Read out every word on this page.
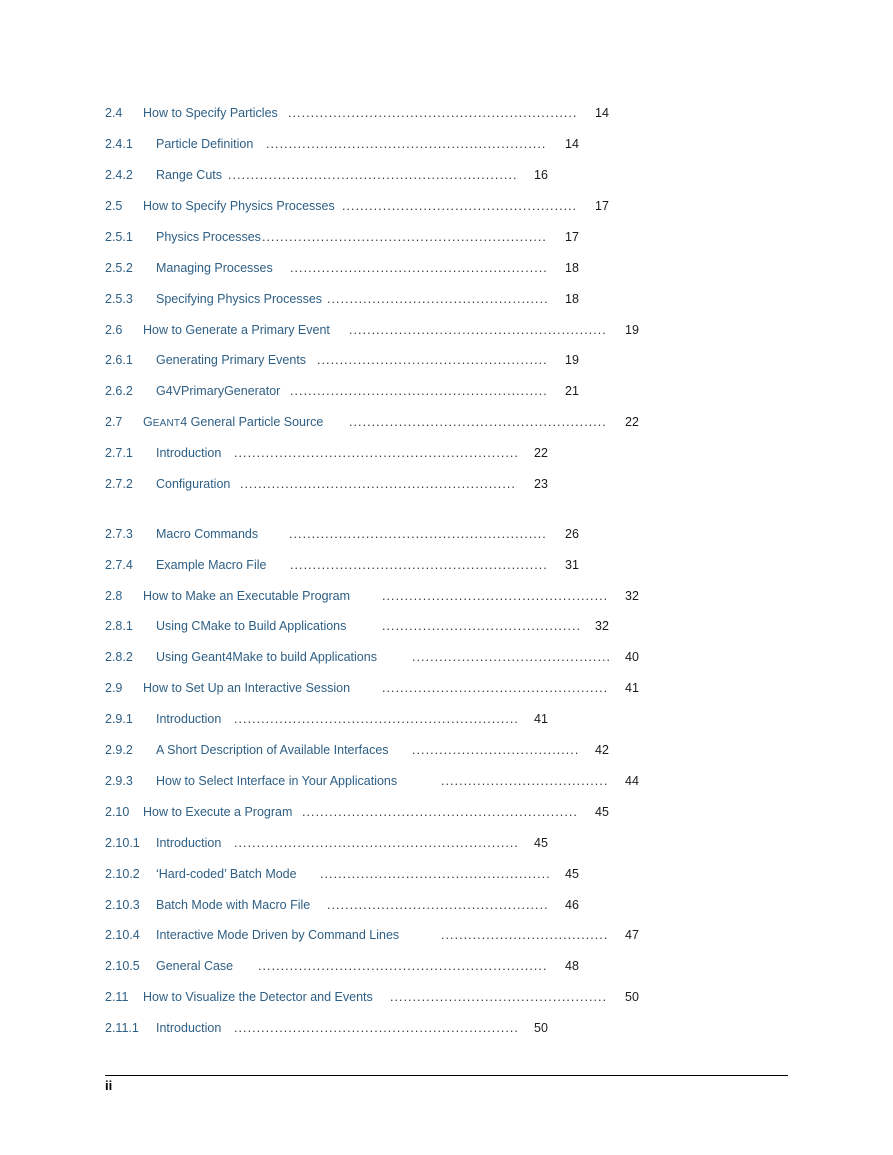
2.4 How to Specify Particles ................................................................	14
2.4.1 Particle Definition ..............................................................	14
2.4.2 Range Cuts ................................................................	16
2.5 How to Specify Physics Processes ....................................................	17
2.5.1 Physics Processes ...............................................................	17
2.5.2 Managing Processes .........................................................	18
2.5.3 Specifying Physics Processes .................................................	18
2.6 How to Generate a Primary Event .........................................................	19
2.6.1 Generating Primary Events ...................................................	19
2.6.2 G4VPrimaryGenerator .........................................................	21
2.7 GEANT4 General Particle Source .........................................................	22
2.7.1 Introduction ...............................................................	22
2.7.2 Configuration .............................................................	23
2.7.3 Macro Commands .........................................................	26
2.7.4 Example Macro File .........................................................	31
2.8 How to Make an Executable Program	..................................................	32
2.8.1 Using CMake to Build Applications	............................................	32
2.8.2 Using Geant4Make to build Applications	............................................	40
2.9 How to Set Up an Interactive Session	..................................................	41
2.9.1 Introduction ...............................................................	41
2.9.2 A Short Description of Available Interfaces .....................................	42
2.9.3 How to Select Interface in Your Applications	.....................................	44
2.10 How to Execute a Program .............................................................	45
2.10.1 Introduction ...............................................................	45
2.10.2 ‘Hard-coded’ Batch Mode ...................................................	45
2.10.3 Batch Mode with Macro File .................................................	46
2.10.4 Interactive Mode Driven by Command Lines	.....................................	47
2.10.5 General Case ................................................................	48
2.11 How to Visualize the Detector and Events ................................................	50
2.11.1 Introduction ...............................................................	50
ii
